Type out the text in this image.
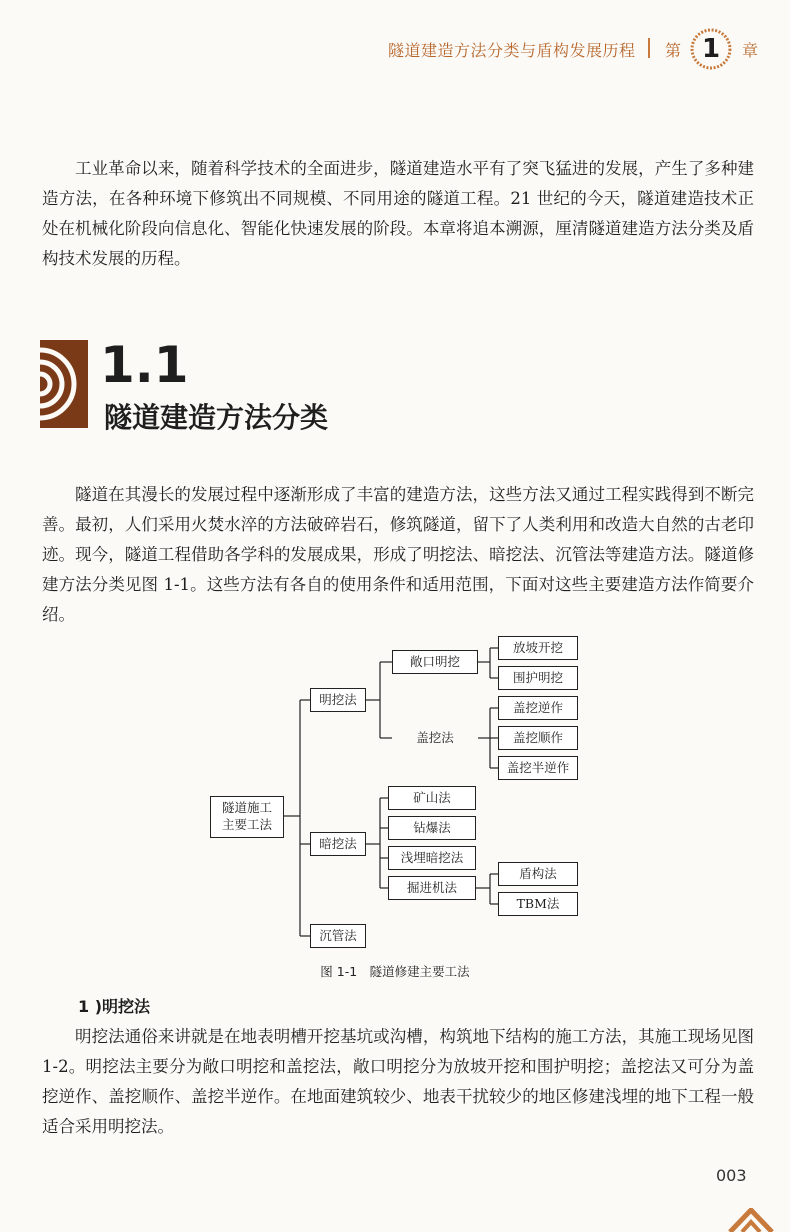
隧道建造方法分类与盾构发展历程 第 1	章

工业革命以来，随着科学技术的全面进步，隧道建造水平有了突飞猛进的发展，产生了多种建造方法，在各种环境下修筑出不同规模、不同用途的隧道工程。21 世纪的今天，隧道建造技术正处在机械化阶段向信息化、智能化快速发展的阶段。本章将追本溯源，厘清隧道建造方法分类及盾构技术发展的历程。

1.1
隧道建造方法分类

隧道在其漫长的发展过程中逐渐形成了丰富的建造方法，这些方法又通过工程实践得到不断完善。最初，人们采用火焚水淬的方法破碎岩石，修筑隧道，留下了人类利用和改造大自然的古老印迹。现今，隧道工程借助各学科的发展成果，形成了明挖法、暗挖法、沉管法等建造方法。隧道修建方法分类见图 1-1。这些方法有各自的使用条件和适用范围，下面对这些主要建造方法作简要介绍。

隧道施工
主要工法
明挖法
暗挖法
沉管法
敞口明挖
盖挖法
放坡开挖
围护明挖
盖挖逆作
盖挖顺作
盖挖半逆作
矿山法
钻爆法
浅埋暗挖法
掘进机法
盾构法
TBM法
图 1-1　隧道修建主要工法
1 )明挖法

明挖法通俗来讲就是在地表明槽开挖基坑或沟槽，构筑地下结构的施工方法，其施工现场见图 1-2。明挖法主要分为敞口明挖和盖挖法，敞口明挖分为放坡开挖和围护明挖；盖挖法又可分为盖挖逆作、盖挖顺作、盖挖半逆作。在地面建筑较少、地表干扰较少的地区修建浅埋的地下工程一般适合采用明挖法。

003
